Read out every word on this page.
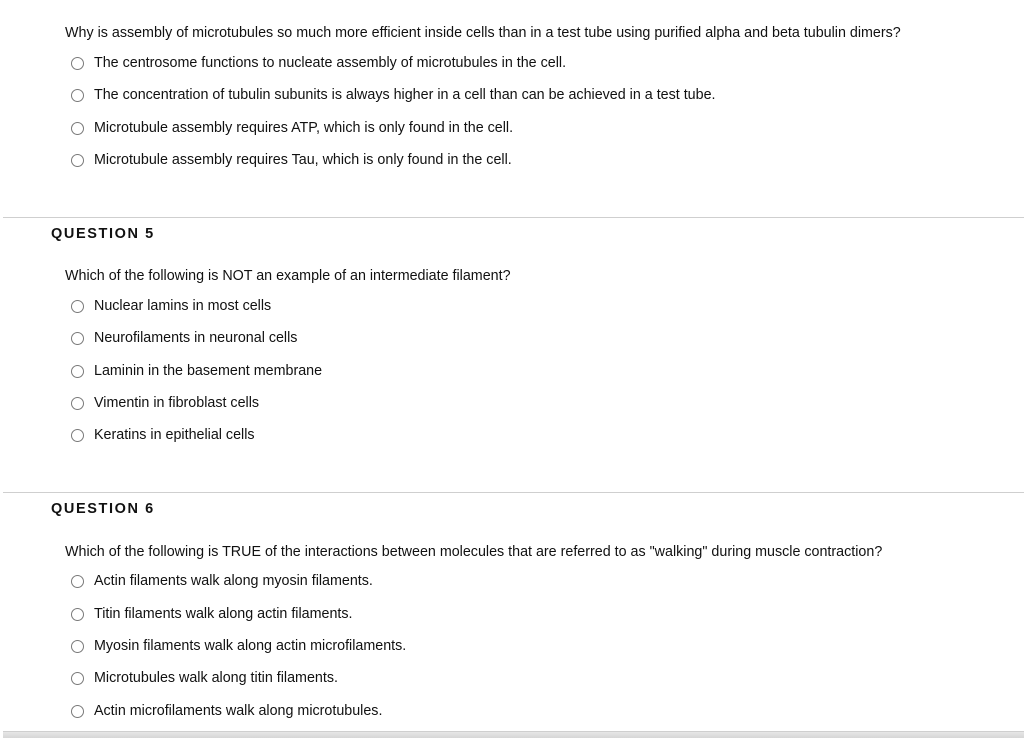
Why is assembly of microtubules so much more efficient inside cells than in a test tube using purified alpha and beta tubulin dimers?
The centrosome functions to nucleate assembly of microtubules in the cell.
The concentration of tubulin subunits is always higher in a cell than can be achieved in a test tube.
Microtubule assembly requires ATP, which is only found in the cell.
Microtubule assembly requires Tau, which is only found in the cell.
QUESTION 5
Which of the following is NOT an example of an intermediate filament?
Nuclear lamins in most cells
Neurofilaments in neuronal cells
Laminin in the basement membrane
Vimentin in fibroblast cells
Keratins in epithelial cells
QUESTION 6
Which of the following is TRUE of the interactions between molecules that are referred to as "walking" during muscle contraction?
Actin filaments walk along myosin filaments.
Titin filaments walk along actin filaments.
Myosin filaments walk along actin microfilaments.
Microtubules walk along titin filaments.
Actin microfilaments walk along microtubules.
